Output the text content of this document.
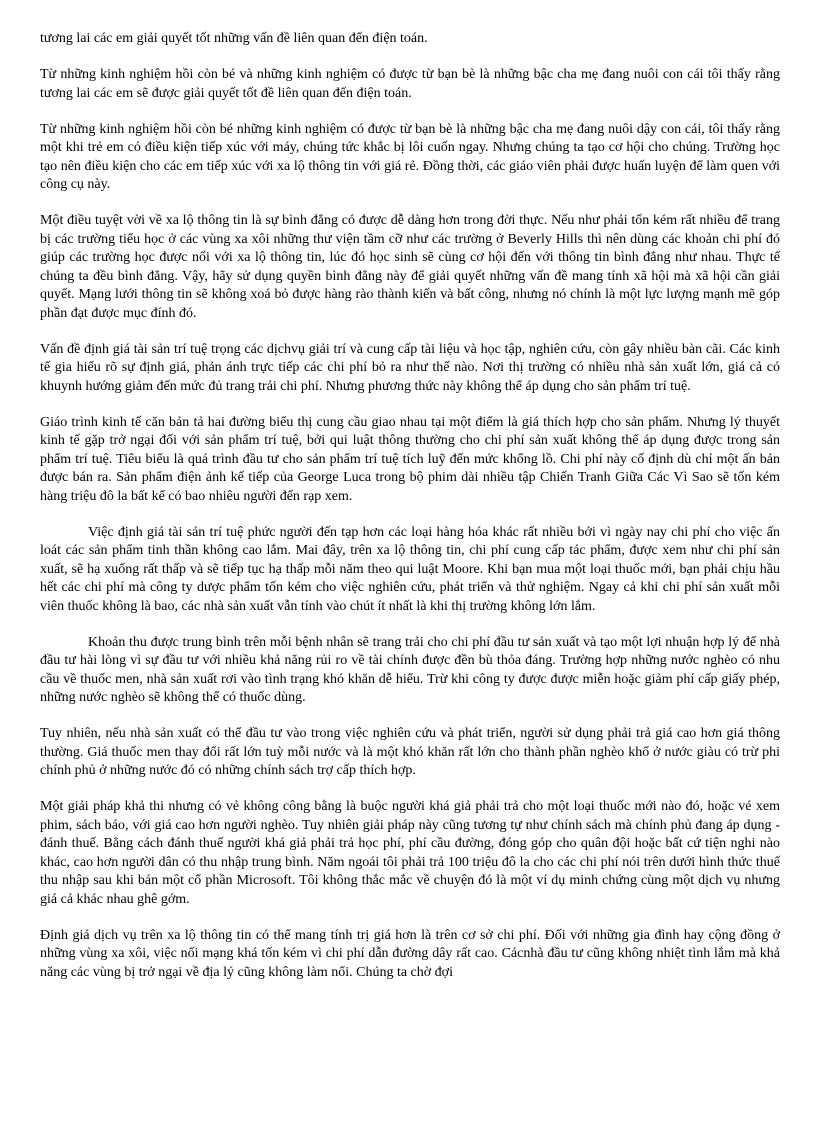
tương lai các em giải quyết tốt những vấn đề liên quan đến điện toán.

Từ những kinh nghiệm hồi còn bé và những kinh nghiệm có được từ bạn bè là những bậc cha mẹ đang nuôi con cái tôi thấy rằng tương lai các em sẽ được giải quyết tốt đề liên quan đến điện toán.

Từ những kinh nghiệm hồi còn bé những kinh nghiệm có được từ bạn bè là những bậc cha mẹ đang nuôi dậy con cái, tôi thấy rằng một khi trẻ em có điều kiện tiếp xúc với máy, chúng tức khắc bị lôi cuốn ngay. Nhưng chúng ta tạo cơ hội cho chúng. Trường học tạo nên điều kiện cho các em tiếp xúc với xa lộ thông tin với giá rẻ. Đồng thời, các giáo viên phải được huấn luyện để làm quen với công cụ này.

Một điều tuyệt vời về xa lộ thông tin là sự bình đẳng có được dễ dàng hơn trong đời thực. Nếu như phải tốn kém rất nhiều để trang bị các trường tiểu học ở các vùng xa xôi những thư viện tầm cỡ như các trường ở Beverly Hills thì nên dùng các khoản chi phí đó giúp các trường học được nối với xa lộ thông tin, lúc đó học sinh sẽ cùng cơ hội đến với thông tin bình đẳng như nhau. Thực tế chúng ta đều bình đẳng. Vậy, hãy sử dụng quyền bình đẳng này để giải quyết những vấn đề mang tính xã hội mà xã hội cần giải quyết. Mạng lưới thông tin sẽ không xoá bỏ được hàng rào thành kiến và bất công, nhưng nó chính là một lực lượng mạnh mẽ góp phần đạt được mục đính đó.

Vấn đề định giá tài sản trí tuệ trọng các dịchvụ giải trí và cung cấp tài liệu và học tập, nghiên cứu, còn gây nhiều bàn cãi. Các kinh tế gia hiểu rõ sự định giá, phản ánh trực tiếp các chi phí bỏ ra như thế nào. Nơi thị trường có nhiều nhà sản xuất lớn, giá cả có khuynh hướng giảm đến mức đủ trang trải chi phí. Nhưng phương thức này không thể áp dụng cho sản phẩm trí tuệ.

Giáo trình kinh tế căn bản tả hai đường biểu thị cung cầu giao nhau tại một điểm là giá thích hợp cho sản phẩm. Nhưng lý thuyết kinh tế gặp trở ngại đối với sản phẩm trí tuệ, bởi qui luật thông thường cho chi phí sản xuất không thể áp dụng được trong sản phẩm trí tuệ. Tiêu biểu là quá trình đầu tư cho sản phẩm trí tuệ tích luỹ đến mức khổng lồ. Chi phí này cố định dù chỉ một ấn bản được bán ra. Sản phẩm điện ảnh kế tiếp của George Luca trong bộ phim dài nhiều tập Chiến Tranh Giữa Các Vì Sao sẽ tốn kém hàng triệu đô la bất kể có bao nhiêu người đến rạp xem.

Việc định giá tài sản trí tuệ phức người đến tạp hơn các loại hàng hóa khác rất nhiều bởi vì ngày nay chi phí cho việc ấn loát các sản phẩm tinh thần không cao lắm. Mai đây, trên xa lộ thông tin, chi phí cung cấp tác phẩm, được xem như chi phí sản xuất, sẽ hạ xuống rất thấp và sẽ tiếp tục hạ thấp mỗi năm theo qui luật Moore. Khi bạn mua một loại thuốc mới, bạn phải chịu hầu hết các chi phí mà công ty dược phẩm tốn kém cho việc nghiên cứu, phát triển và thử nghiệm. Ngay cả khi chi phí sản xuất mỗi viên thuốc không là bao, các nhà sản xuất vẫn tính vào chút ít nhất là khi thị trường không lớn lắm.

Khoản thu được trung bình trên mỗi bệnh nhân sẽ trang trải cho chi phí đầu tư sản xuất và tạo một lợi nhuận hợp lý để nhà đầu tư hài lòng vì sự đầu tư với nhiều khả năng rủi ro về tài chính được đền bù thỏa đáng. Trường hợp những nước nghèo có nhu cầu về thuốc men, nhà sản xuất rơi vào tình trạng khó khăn dễ hiểu. Trừ khi công ty được được miễn hoặc giảm phí cấp giấy phép, những nước nghèo sẽ không thể có thuốc dùng.

Tuy nhiên, nếu nhà sản xuất có thể đầu tư vào trong việc nghiên cứu và phát triển, người sử dụng phải trả giá cao hơn giá thông thường. Giá thuốc men thay đổi rất lớn tuỳ mỗi nước và là một khó khăn rất lớn cho thành phần nghèo khổ ở nước giàu có trừ phi chính phủ ở những nước đó có những chính sách trợ cấp thích hợp.

Một giải pháp khả thi nhưng có vẻ không công bằng là buộc người khá giả phải trả cho một loại thuốc mới nào đó, hoặc vé xem phim, sách báo, với giá cao hơn người nghèo. Tuy nhiên giải pháp này cũng tương tự như chính sách mà chính phủ đang áp dụng - đánh thuế. Bằng cách đánh thuế người khá giả phải trả học phí, phí cầu đường, đóng góp cho quân đội hoặc bất cứ tiện nghi nào khác, cao hơn người dân có thu nhập trung bình. Năm ngoái tôi phải trả 100 triệu đô la cho các chi phí nói trên dưới hình thức thuế thu nhập sau khi bán một cổ phần Microsoft. Tôi không thắc mắc về chuyện đó là một ví dụ minh chứng cùng một dịch vụ nhưng giá cả khác nhau ghê gớm.

Định giá dịch vụ trên xa lộ thông tin có thể mang tính trị giá hơn là trên cơ sở chi phí. Đối với những gia đình hay cộng đồng ở những vùng xa xôi, việc nối mạng khá tốn kém vì chi phí dẫn đường dây rất cao. Cácnhà đầu tư cũng không nhiệt tình lắm mà khả năng các vùng bị trở ngại về địa lý cũng không làm nổi. Chúng ta chờ đợi
